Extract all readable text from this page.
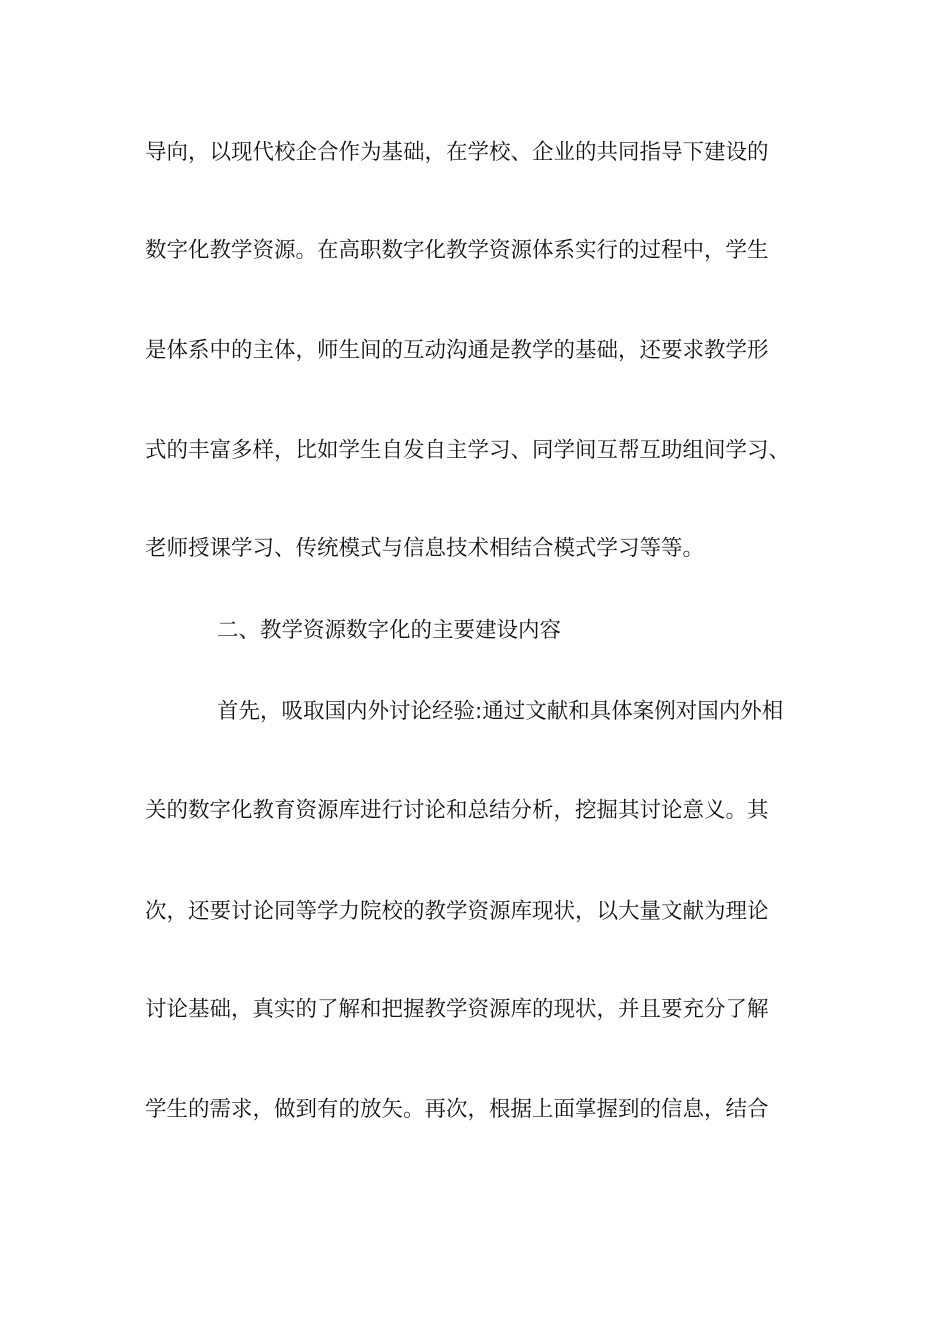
导向，以现代校企合作为基础，在学校、企业的共同指导下建设的
数字化教学资源。在高职数字化教学资源体系实行的过程中，学生
是体系中的主体，师生间的互动沟通是教学的基础，还要求教学形
式的丰富多样，比如学生自发自主学习、同学间互帮互助组间学习、
老师授课学习、传统模式与信息技术相结合模式学习等等。
二、教学资源数字化的主要建设内容
首先，吸取国内外讨论经验:通过文献和具体案例对国内外相
关的数字化教育资源库进行讨论和总结分析，挖掘其讨论意义。其
次，还要讨论同等学力院校的教学资源库现状，以大量文献为理论
讨论基础，真实的了解和把握教学资源库的现状，并且要充分了解
学生的需求，做到有的放矢。再次，根据上面掌握到的信息，结合
